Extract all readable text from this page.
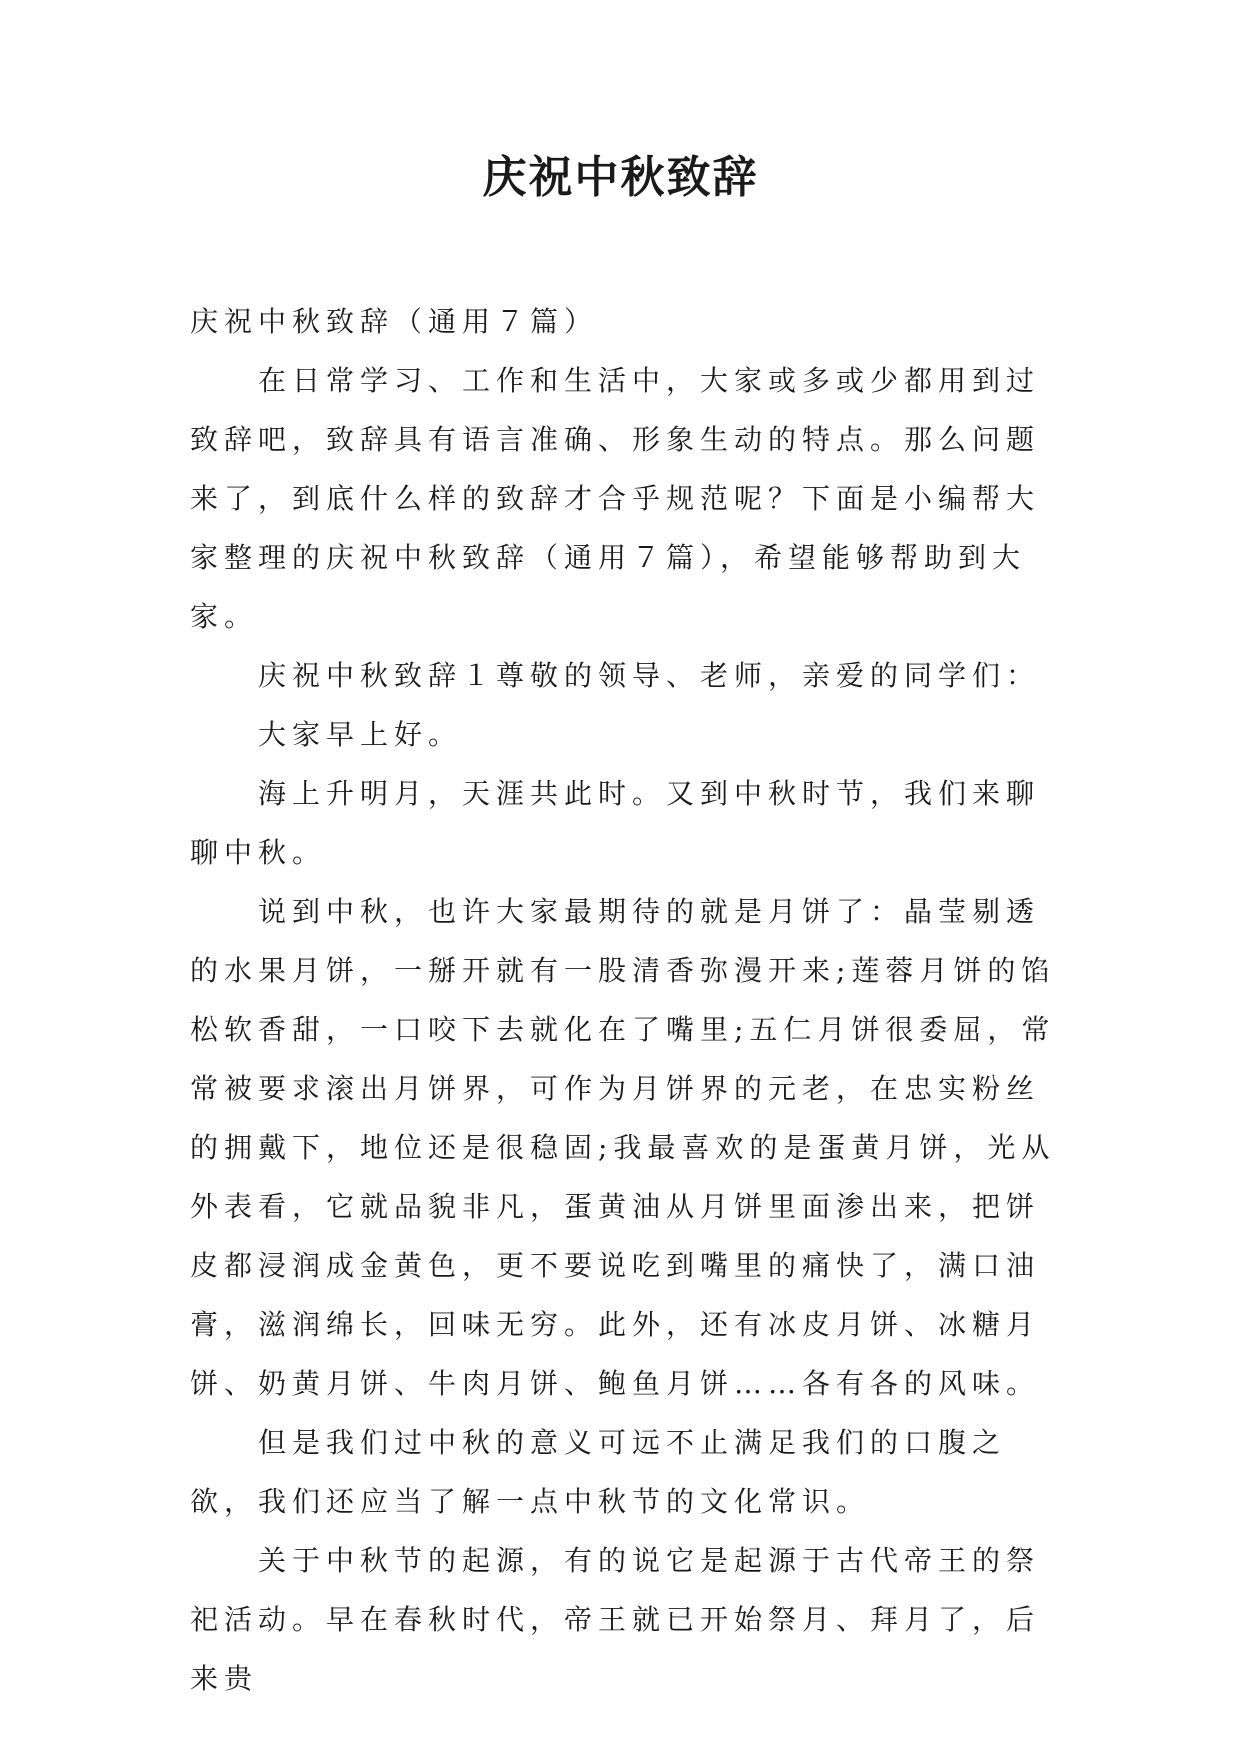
庆祝中秋致辞

庆祝中秋致辞（通用７篇）

在日常学习、工作和生活中，大家或多或少都用到过致辞吧，致辞具有语言准确、形象生动的特点。那么问题来了，到底什么样的致辞才合乎规范呢？下面是小编帮大家整理的庆祝中秋致辞（通用７篇），希望能够帮助到大家。

庆祝中秋致辞１尊敬的领导、老师，亲爱的同学们：

大家早上好。

海上升明月，天涯共此时。又到中秋时节，我们来聊聊中秋。

说到中秋，也许大家最期待的就是月饼了：晶莹剔透的水果月饼，一掰开就有一股清香弥漫开来;莲蓉月饼的馅松软香甜，一口咬下去就化在了嘴里;五仁月饼很委屈，常常被要求滚出月饼界，可作为月饼界的元老，在忠实粉丝的拥戴下，地位还是很稳固;我最喜欢的是蛋黄月饼，光从外表看，它就品貌非凡，蛋黄油从月饼里面渗出来，把饼皮都浸润成金黄色，更不要说吃到嘴里的痛快了，满口油膏，滋润绵长，回味无穷。此外，还有冰皮月饼、冰糖月饼、奶黄月饼、牛肉月饼、鲍鱼月饼……各有各的风味。

但是我们过中秋的意义可远不止满足我们的口腹之欲，我们还应当了解一点中秋节的文化常识。

关于中秋节的起源，有的说它是起源于古代帝王的祭祀活动。早在春秋时代，帝王就已开始祭月、拜月了，后来贵
